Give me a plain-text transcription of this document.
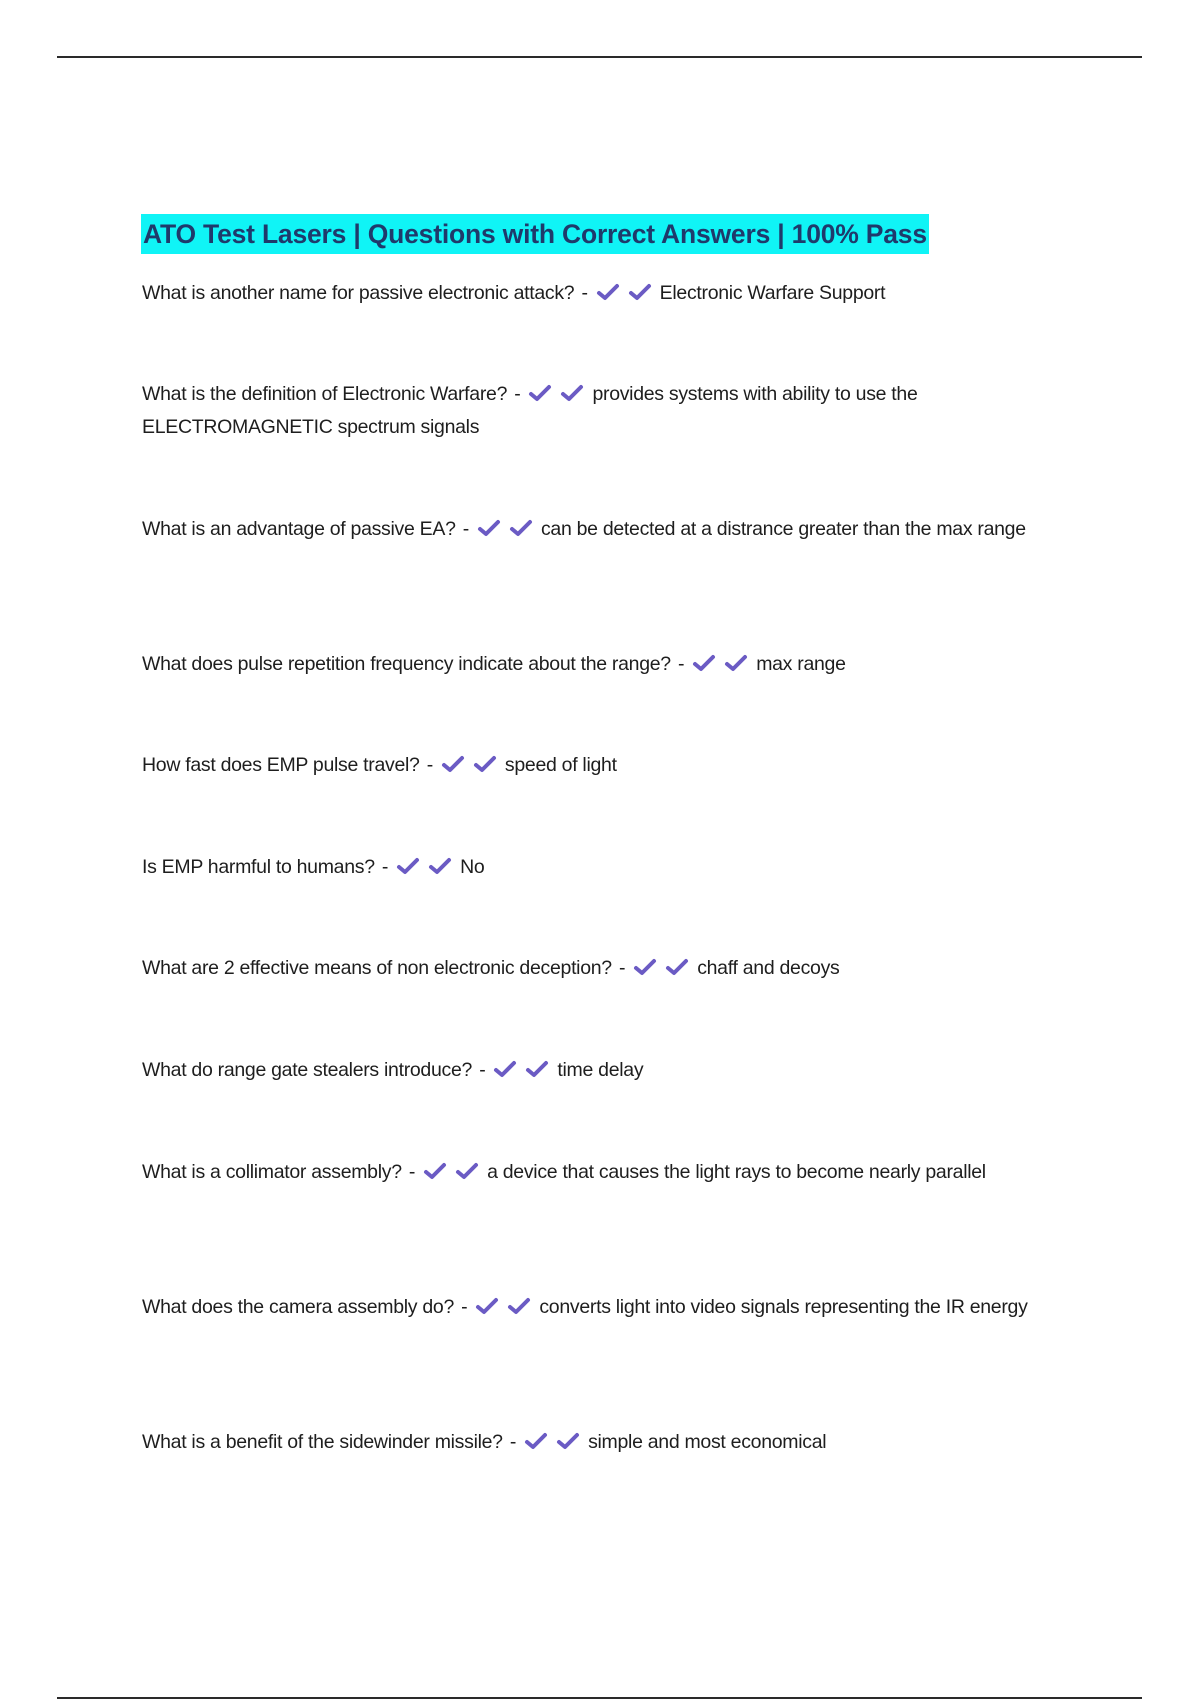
ATO Test Lasers | Questions with Correct Answers | 100% Pass
What is another name for passive electronic attack? -	Electronic Warfare Support
What is the definition of Electronic Warfare? -	provides systems with ability to use the ELECTROMAGNETIC spectrum signals
What is an advantage of passive EA? -	can be detected at a distrance greater than the max range
What does pulse repetition frequency indicate about the range? -	max range
How fast does EMP pulse travel? -	speed of light
Is EMP harmful to humans? -	No
What are 2 effective means of non electronic deception? -	chaff and decoys
What do range gate stealers introduce? -	time delay
What is a collimator assembly? -	a device that causes the light rays to become nearly parallel
What does the camera assembly do? -	converts light into video signals representing the IR energy
What is a benefit of the sidewinder missile? -	simple and most economical
